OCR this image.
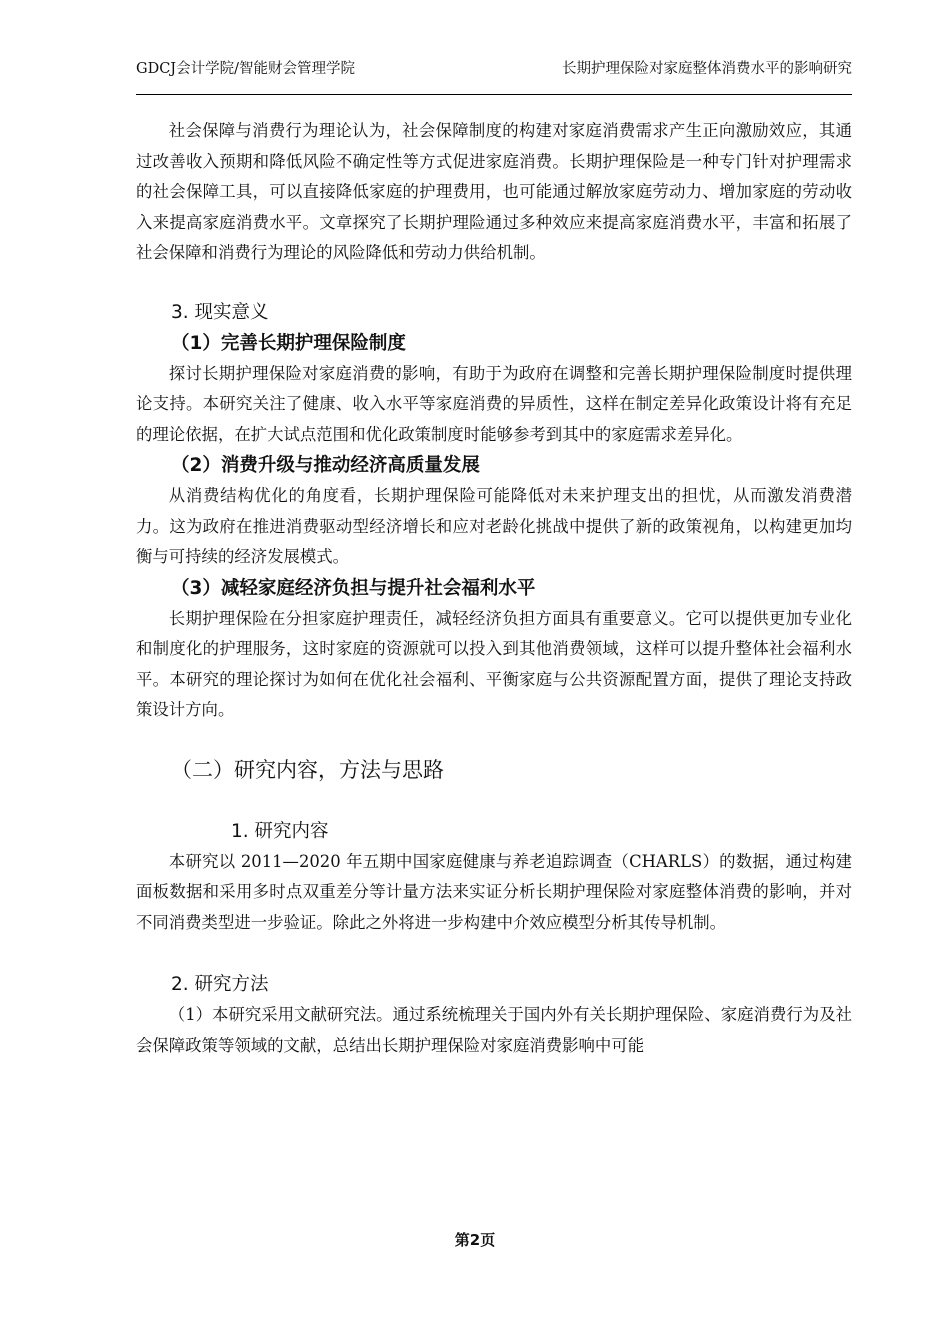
GDCJ会计学院/智能财会管理学院	长期护理保险对家庭整体消费水平的影响研究

社会保障与消费行为理论认为，社会保障制度的构建对家庭消费需求产生正向激励效应，其通过改善收入预期和降低风险不确定性等方式促进家庭消费。长期护理保险是一种专门针对护理需求的社会保障工具，可以直接降低家庭的护理费用，也可能通过解放家庭劳动力、增加家庭的劳动收入来提高家庭消费水平。文章探究了长期护理险通过多种效应来提高家庭消费水平，丰富和拓展了社会保障和消费行为理论的风险降低和劳动力供给机制。

3. 现实意义
（1）完善长期护理保险制度

探讨长期护理保险对家庭消费的影响，有助于为政府在调整和完善长期护理保险制度时提供理论支持。本研究关注了健康、收入水平等家庭消费的异质性，这样在制定差异化政策设计将有充足的理论依据，在扩大试点范围和优化政策制度时能够参考到其中的家庭需求差异化。

（2）消费升级与推动经济高质量发展

从消费结构优化的角度看，长期护理保险可能降低对未来护理支出的担忧，从而激发消费潜力。这为政府在推进消费驱动型经济增长和应对老龄化挑战中提供了新的政策视角，以构建更加均衡与可持续的经济发展模式。

（3）减轻家庭经济负担与提升社会福利水平

长期护理保险在分担家庭护理责任，减轻经济负担方面具有重要意义。它可以提供更加专业化和制度化的护理服务，这时家庭的资源就可以投入到其他消费领域，这样可以提升整体社会福利水平。本研究的理论探讨为如何在优化社会福利、平衡家庭与公共资源配置方面，提供了理论支持政策设计方向。

（二）研究内容，方法与思路
1. 研究内容

本研究以 2011—2020 年五期中国家庭健康与养老追踪调查（CHARLS）的数据，通过构建面板数据和采用多时点双重差分等计量方法来实证分析长期护理保险对家庭整体消费的影响，并对不同消费类型进一步验证。除此之外将进一步构建中介效应模型分析其传导机制。

2. 研究方法

（1）本研究采用文献研究法。通过系统梳理关于国内外有关长期护理保险、家庭消费行为及社会保障政策等领域的文献，总结出长期护理保险对家庭消费影响中可能

第2页
